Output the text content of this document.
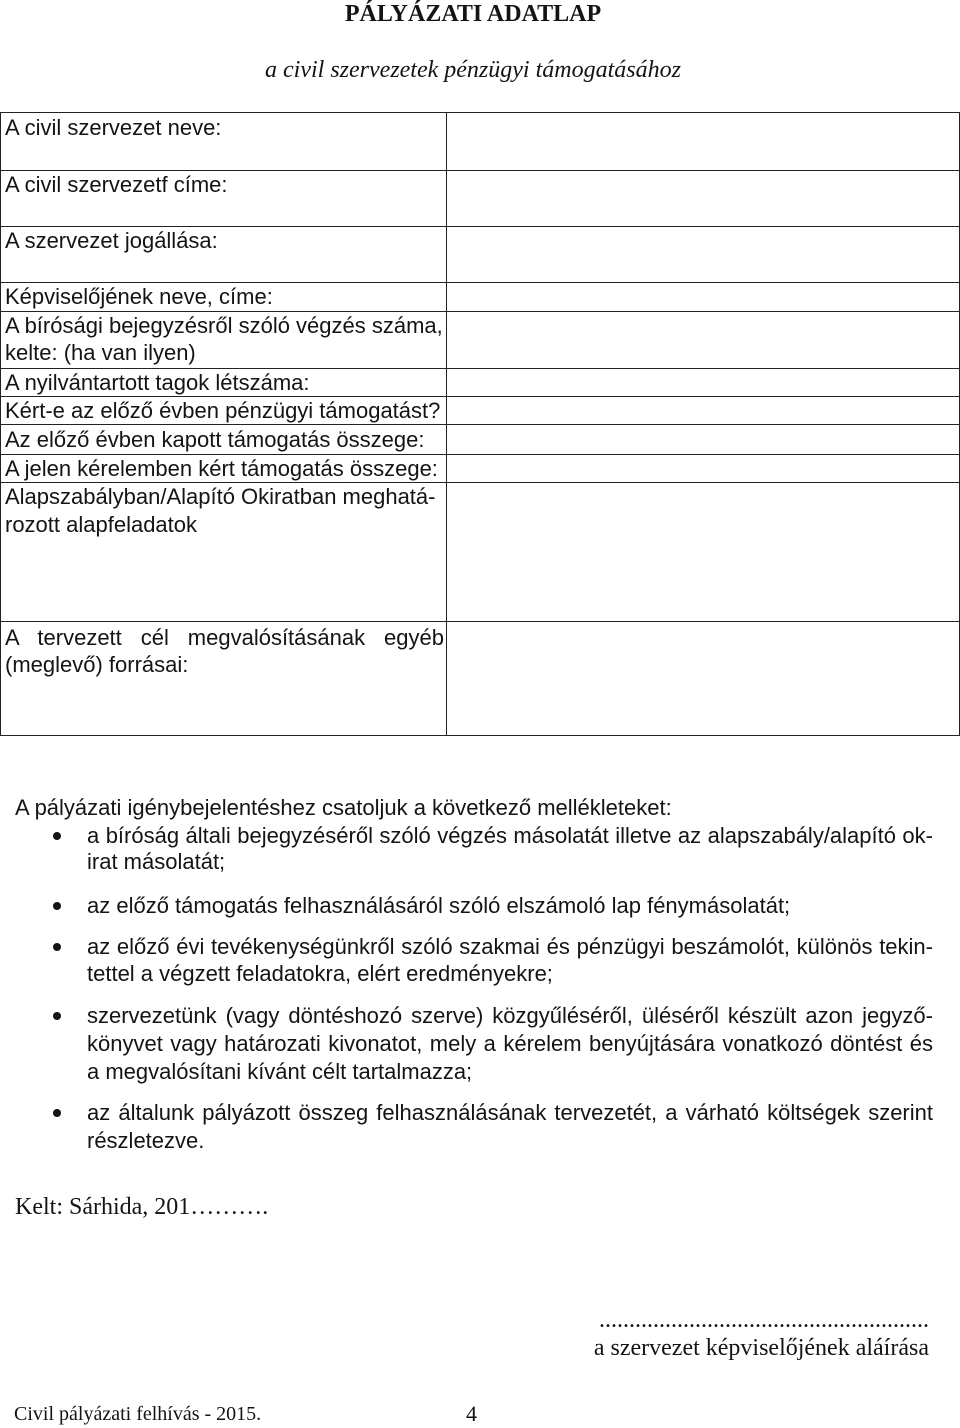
PÁLYÁZATI ADATLAP
a civil szervezetek pénzügyi támogatásához
A civil szervezet neve:
A civil szervezetf címe:
A szervezet jogállása:
Képviselőjének neve, címe:
A bírósági bejegyzésről szóló végzés száma,
kelte: (ha van ilyen)
A nyilvántartott tagok létszáma:
Kért-e az előző évben pénzügyi támogatást?
Az előző évben kapott támogatás összege:
A jelen kérelemben kért támogatás összege:
Alapszabályban/Alapító Okiratban meghatá-
rozott alapfeladatok
A tervezett cél megvalósításának egyéb
(meglevő) forrásai:
A pályázati igénybejelentéshez csatoljuk a következő mellékleteket:
a bíróság általi bejegyzéséről szóló végzés másolatát illetve az alapszabály/alapító ok-
irat másolatát;
az előző támogatás felhasználásáról szóló elszámoló lap fénymásolatát;
az előző évi tevékenységünkről szóló szakmai és pénzügyi beszámolót, különös tekin-
tettel a végzett feladatokra, elért eredményekre;
szervezetünk (vagy döntéshozó szerve) közgyűléséről, üléséről készült azon jegyző-
könyvet vagy határozati kivonatot, mely a kérelem benyújtására vonatkozó döntést és
a megvalósítani kívánt célt tartalmazza;
az általunk pályázott összeg felhasználásának tervezetét, a várható költségek szerint
részletezve.
Kelt: Sárhida, 201……….
.......................................................
a szervezet képviselőjének aláírása
Civil pályázati felhívás - 2015.	4
